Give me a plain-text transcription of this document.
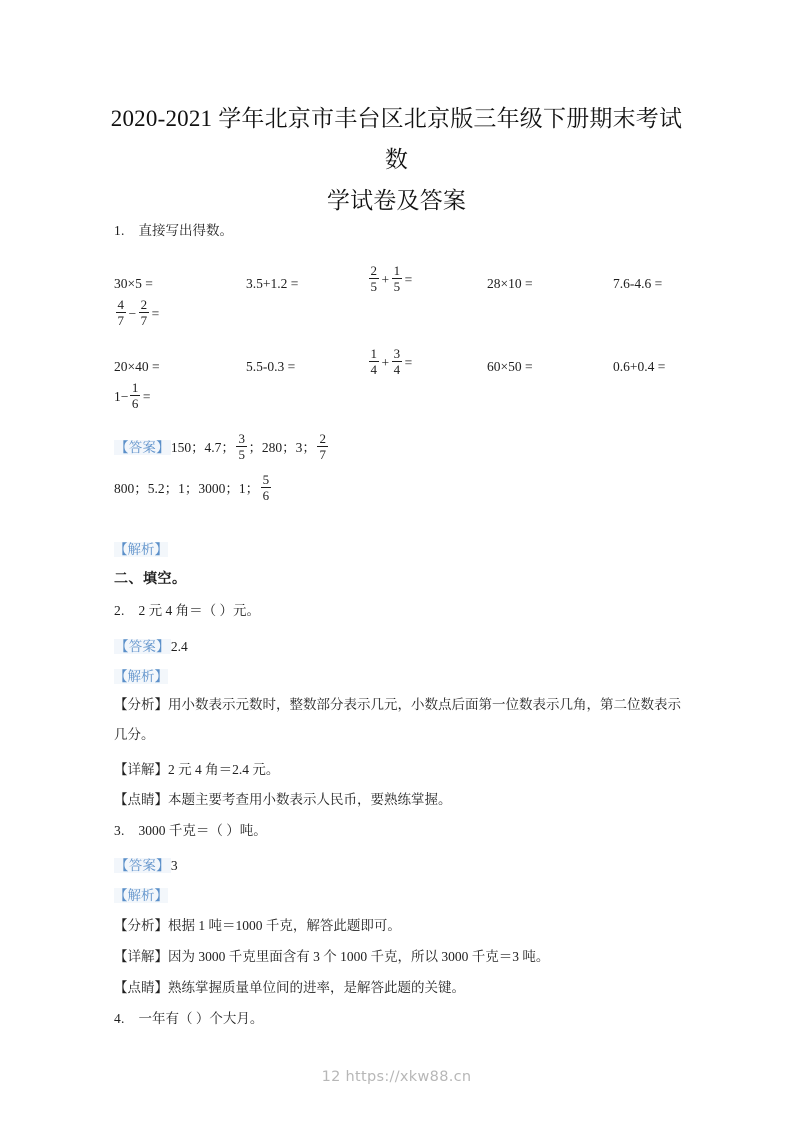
2020-2021 学年北京市丰台区北京版三年级下册期末考试数
学试卷及答案
1. 直接写出得数。
30×5 =	3.5+1.2 =	$\frac{2}{5} + \frac{1}{5}$ =	28×10 =	7.6-4.6 =
$\frac{4}{7} - \frac{2}{7}$ =
20×40 =	5.5-0.3 =	$\frac{1}{4} + \frac{3}{4}$ =	60×50 =	0.6+0.4 =
$1- \frac{1}{6}$ =
【答案】150；4.7； $\frac{3}{5}$ ；280；3； $\frac{2}{7}$
800；5.2；1；3000；1； $\frac{5}{6}$
【解析】
二、填空。
2. 2 元 4 角＝（ ）元。
【答案】2.4
【解析】
【分析】用小数表示元数时，整数部分表示几元，小数点后面第一位数表示几角，第二位数表示几分。
【详解】2 元 4 角＝2.4 元。
【点睛】本题主要考查用小数表示人民币，要熟练掌握。
3. 3000 千克＝（ ）吨。
【答案】3
【解析】
【分析】根据 1 吨＝1000 千克，解答此题即可。
【详解】因为 3000 千克里面含有 3 个 1000 千克，所以 3000 千克＝3 吨。
【点睛】熟练掌握质量单位间的进率，是解答此题的关键。
4. 一年有（ ）个大月。
12 https://xkw88.cn
